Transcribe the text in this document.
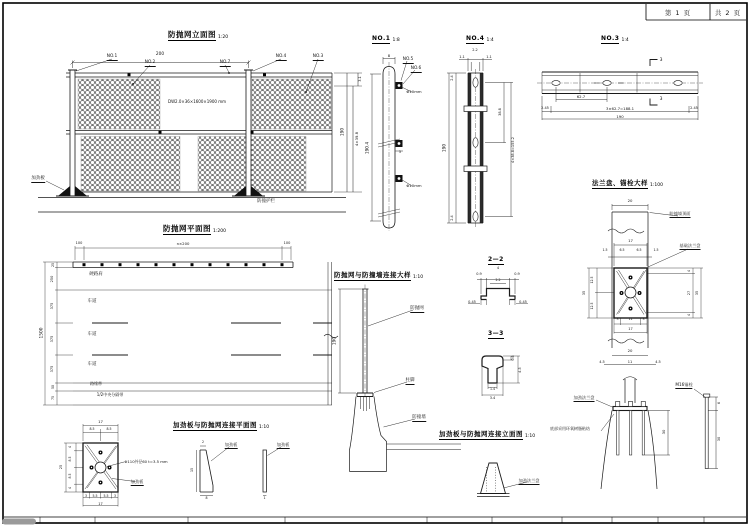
200
NO.1
NO.2	NO.7
NO.4	NO.3
DW2.0×36×1600×1900 mm
加劲板
防撞护栏
3.1
4×39.8
190
8
NO.5
NO.6
Φ10mm
Φ10mm
5
190.4
2.2
1.1	1.1
2.4
190
2.4
38.8
4×38.8=155.2
3
3
62.7
2.45	3×62.7=188.1	2.45
190
100	n×200	100
硬路肩
车道
车道
车道
路缘带
1/2中央分隔带
25
250
375
375
375
50
75
1500
防抛网
柱脚
防撞墙
190
0.9
4
2.2
0.9
0.45	0.45
0.6
4.5
1.4
3.4
20
防撞墙顶面
17
1.5	6.5	6.5	1.5
基础法兰盘
12.5
12.5
35
4
27
4
35
3	11	3
17
20
4.5	11	4.5
加劲法兰盘
底部采用环氧树脂粘结
30
M16锚栓
6
30
17
8.5	8.5
4
8.5
8.5
4
25
Φ110外径60 t=3.5 mm
加劲板
3 5.5 5.5 3
17
2	加劲板
15
8
加劲板
1
加劲法兰盘
第 1 页	共 2 页
防抛网立面图 1:20	NO.1 1:8	NO.4 1:4	NO.3 1:4
法兰盘、锚栓大样 1:100
防抛网平面图 1:200
防抛网与防撞墙连接大样 1:10
2—2
3—3
加劲板与防抛网连接平面图 1:10
加劲板与防抛网连接立面图 1:10
